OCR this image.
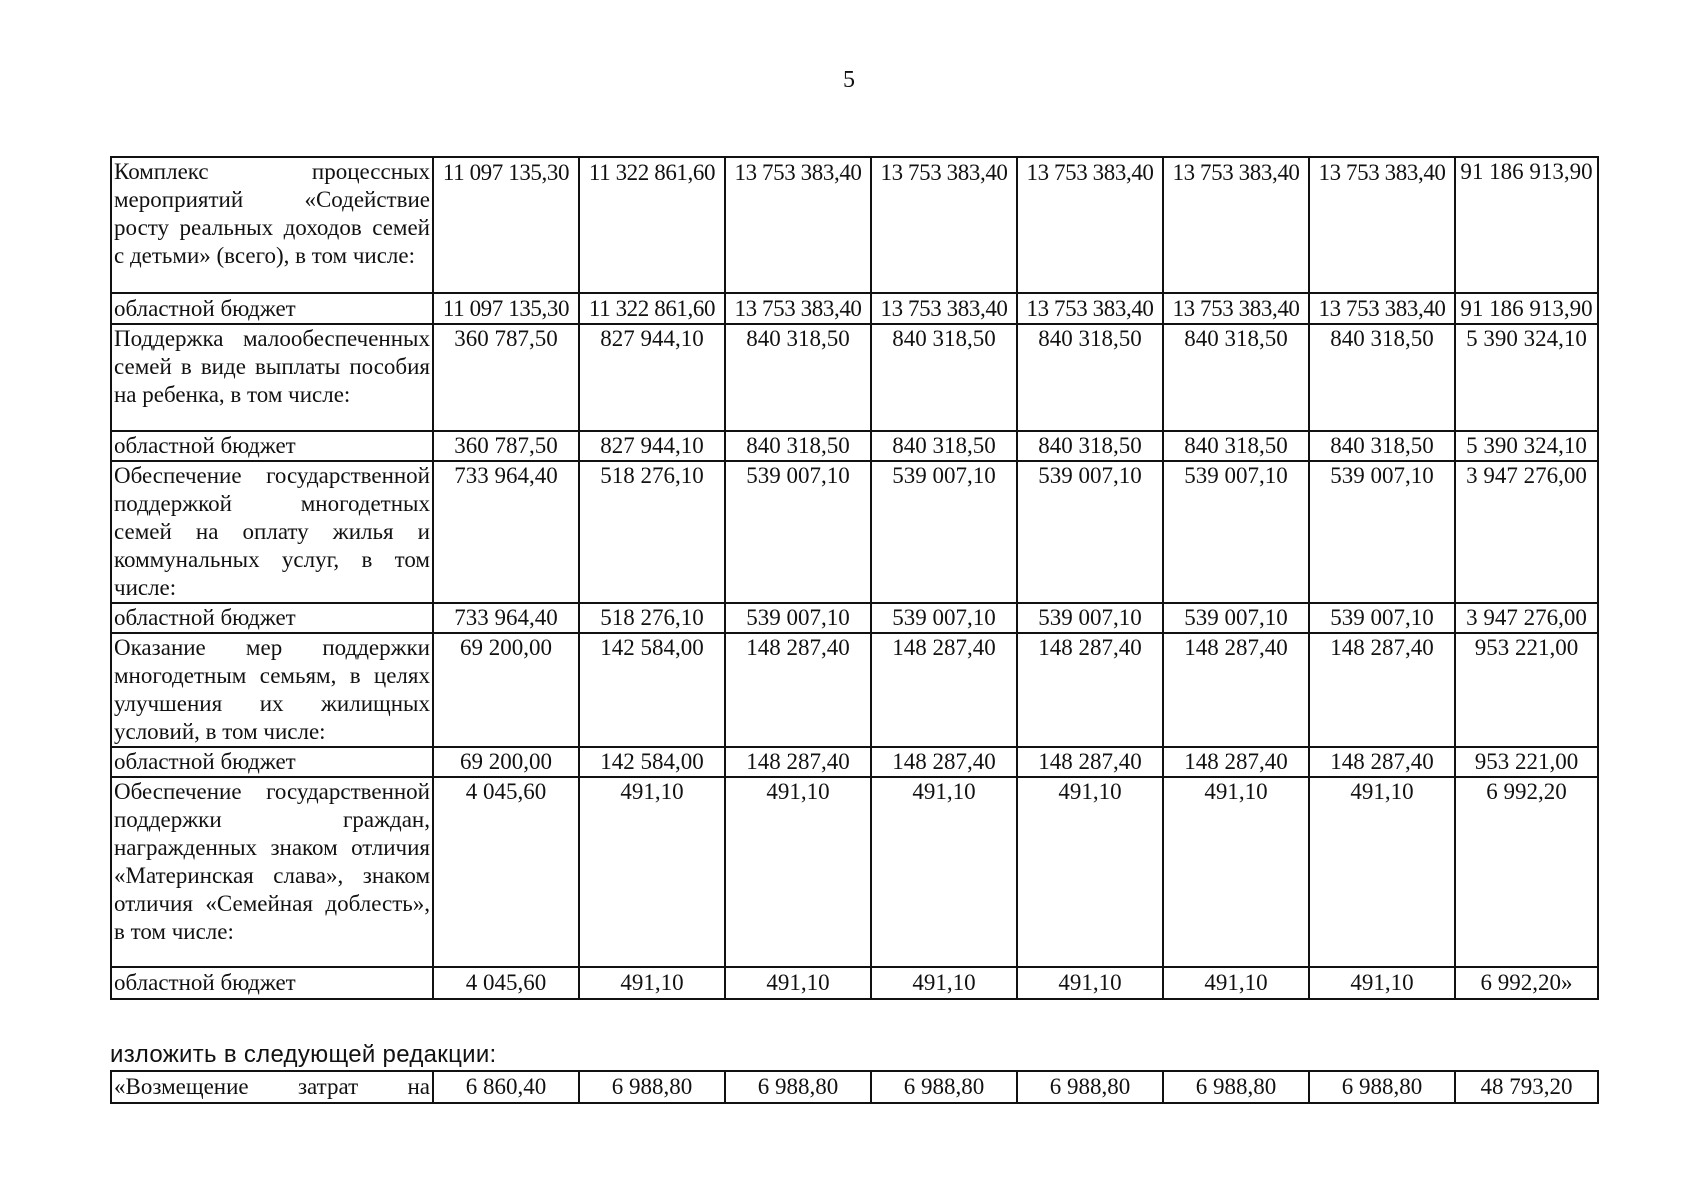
5
Комплекс процессных мероприятий «Содействие росту реальных доходов семей с детьми» (всего), в том числе:	11 097 135,30	11 322 861,60	13 753 383,40	13 753 383,40	13 753 383,40	13 753 383,40	13 753 383,40	91 186 913,90
областной бюджет	11 097 135,30	11 322 861,60	13 753 383,40	13 753 383,40	13 753 383,40	13 753 383,40	13 753 383,40	91 186 913,90
Поддержка малообеспеченных семей в виде выплаты пособия на ребенка, в том числе:	360 787,50	827 944,10	840 318,50	840 318,50	840 318,50	840 318,50	840 318,50	5 390 324,10
областной бюджет	360 787,50	827 944,10	840 318,50	840 318,50	840 318,50	840 318,50	840 318,50	5 390 324,10
Обеспечение государственной поддержкой многодетных семей на оплату жилья и коммунальных услуг, в том числе:	733 964,40	518 276,10	539 007,10	539 007,10	539 007,10	539 007,10	539 007,10	3 947 276,00
областной бюджет	733 964,40	518 276,10	539 007,10	539 007,10	539 007,10	539 007,10	539 007,10	3 947 276,00
Оказание мер поддержки многодетным семьям, в целях улучшения их жилищных условий, в том числе:	69 200,00	142 584,00	148 287,40	148 287,40	148 287,40	148 287,40	148 287,40	953 221,00
областной бюджет	69 200,00	142 584,00	148 287,40	148 287,40	148 287,40	148 287,40	148 287,40	953 221,00
Обеспечение государственной поддержки граждан, награжденных знаком отличия «Материнская слава», знаком отличия «Семейная доблесть», в том числе:	4 045,60	491,10	491,10	491,10	491,10	491,10	491,10	6 992,20
областной бюджет	4 045,60	491,10	491,10	491,10	491,10	491,10	491,10	6 992,20»
изложить в следующей редакции:
«Возмещение затрат на	6 860,40	6 988,80	6 988,80	6 988,80	6 988,80	6 988,80	6 988,80	48 793,20
